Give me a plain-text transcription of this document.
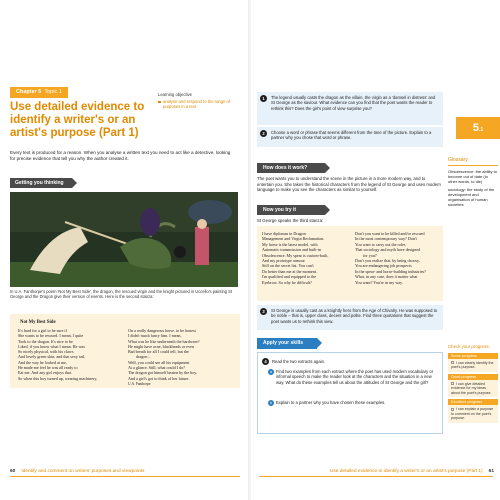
Chapter 5 Topic 1
Use detailed evidence to identify a writer's or an artist's purpose (Part 1)
Learning objective
analyse and respond to the range of purposes in a text
Every text is produced for a reason. When you analyse a written text you need to act like a detective, looking for precise evidence that tell you why the author created it.
Getting you thinking
In U.A. Fanthorpe's poem 'Not My Best Side', the dragon, the rescued virgin and the knight pictured in Uccello's painting St George and the Dragon give their version of events. Here is the second stanza:
Not My Best Side
It's hard for a girl to be sure if
She wants to be rescued. I mean, I quite
Took to the dragon. It's nice to be
Liked, if you know what I mean. He was
So nicely physical, with his claws
And lovely green skin, and that sexy tail,
And the way he looked at me,
He made me feel he was all ready to
Eat me. And any girl enjoys that.
So when this boy turned up, wearing machinery,
On a really dangerous horse, to be honest
I didn't much fancy him. I mean,
What was he like underneath the hardware?
He might have acne, blackheads or even
Bad breath for all I could tell, but the
dragon –
Well, you could see all his equipment
At a glance. Still, what could I do?
The dragon got himself beaten by the boy,
And a girl's got to think of her future.
U.A. Fanthorpe
60 Identify and comment on writers' purposes and viewpoints
1	The legend usually casts the dragon as the villain, the virgin as a 'damsel in distress' and St George as the saviour. What evidence can you find that the poet wants the reader to rethink this? Does the girl's point of view surprise you?
2	Choose a word or phrase that seems different from the tone of the picture. Explain to a partner why you chose that word or phrase.
5.1
How does it work?
The poet wants you to understand the scene in the picture in a more modern way, and to entertain you. She takes the historical characters from the legend of St George and uses modern language to make you see the characters as similar to yourself.
Now you try it
St George speaks the third stanza:
Glossary
Obsolescence: the ability to become out of date (in other words, to die)
sociology: the study of the development and organisation of human societies
I have diplomas in Dragon
Management and Virgin Reclamation.
My horse is the latest model, with
Automatic transmission and built-in
Obsolescence. My spear is custom-built,
And my prototype armour
Still on the secret list. You can't
Do better than me at the moment.
I'm qualified and equipped to the
Eyebrow. So why be difficult?
Don't you want to be killed and/or rescued
In the most contemporary way? Don't
You want to carry out the roles
That sociology and myth have designed
for you?
Don't you realize that, by being choosy,
You are endangering job prospects
In the spear- and horse-building industries?
What, in any case, does it matter what
You want? You're in my way.
3	St George is usually cast as a knightly hero from the Age of Chivalry. He was supposed to be noble – that is, upper class, decent and polite. Find three quotations that suggest the poet wants us to rethink this view.
Apply your skills
4	Read the two extracts again.
a Find two examples from each extract where the poet has used modern vocabulary or informal speech to make the reader look at the characters and the situation in a new way. What do these examples tell us about the attitudes of St George and the girl?
b Explain to a partner why you have chosen these examples.
Check your progress:
Some progress
I can clearly identify the poet's purpose.
Good progress
I can give detailed evidence for my ideas about the poet's purpose.
Excellent progress
I can explain a purpose to comment on the poet's purpose.
Use detailed evidence to identify a writer's or an artist's purpose (Part 1) 61
